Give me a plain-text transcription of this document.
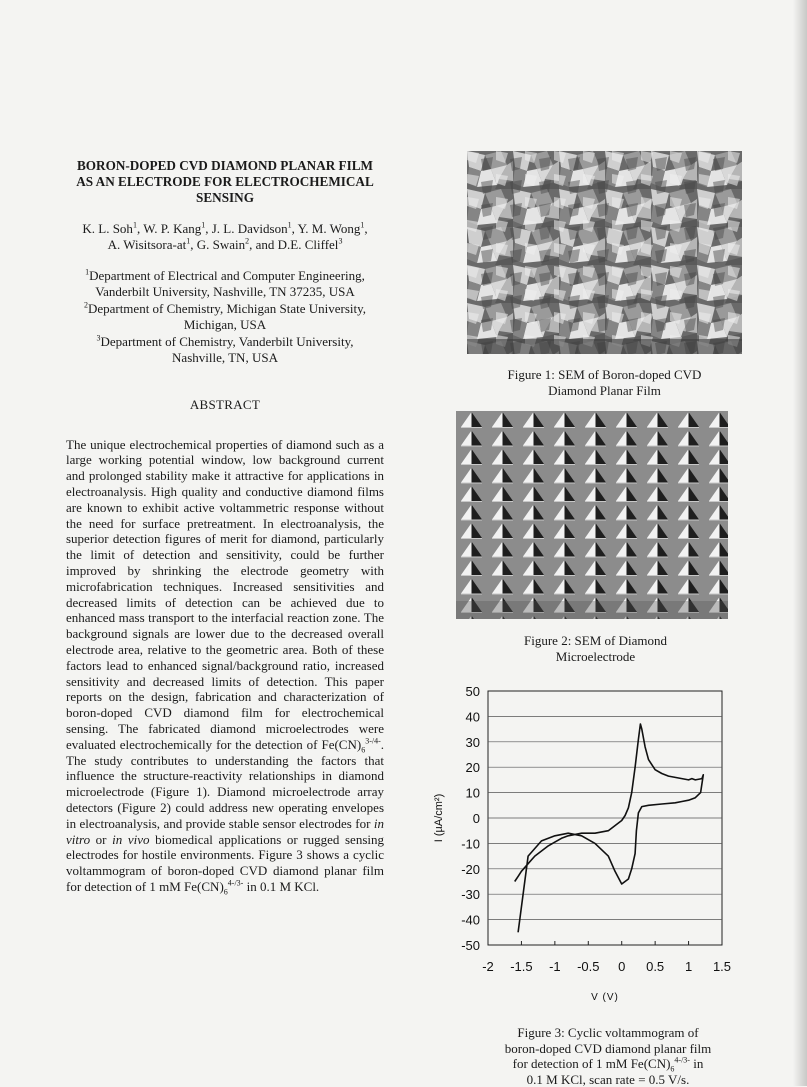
BORON-DOPED CVD DIAMOND PLANAR FILM
AS AN ELECTRODE FOR ELECTROCHEMICAL
SENSING
K. L. Soh$^1$, W. P. Kang$^1$, J. L. Davidson$^1$, Y. M. Wong$^1$,
A. Wisitsora-$at^1$, G. Swain$^2$, and D.E. Cliffel$^3$
$^1$Department of Electrical and Computer Engineering,
Vanderbilt University, Nashville, TN 37235, USA
$^2$Department of Chemistry, Michigan State University,
Michigan, USA
$^3$Department of Chemistry, Vanderbilt University,
Nashville, TN, USA
ABSTRACT
The unique electrochemical properties of diamond such as a large working potential window, low background current and prolonged stability make it attractive for applications in electroanalysis. High quality and conductive diamond films are known to exhibit active voltammetric response without the need for surface pretreatment. In electroanalysis, the superior detection figures of merit for diamond, particularly the limit of detection and sensitivity, could be further improved by shrinking the electrode geometry with microfabrication techniques. Increased sensitivities and decreased limits of detection can be achieved due to enhanced mass transport to the interfacial reaction zone. The background signals are lower due to the decreased overall electrode area, relative to the geometric area. Both of these factors lead to enhanced signal/background ratio, increased sensitivity and decreased limits of detection. This paper reports on the design, fabrication and characterization of boron-doped CVD diamond film for electrochemical sensing. The fabricated diamond microelectrodes were evaluated electrochemically for the detection of $Fe(CN)_6^{3-/4-}$. The study contributes to understanding the factors that influence the structure-reactivity relationships in diamond microelectrode (Figure 1). Diamond microelectrode array detectors (Figure 2) could address new operating envelopes in electroanalysis, and provide stable sensor electrodes for in vitro or in vivo biomedical applications or rugged sensing electrodes for hostile environments. Figure 3 shows a cyclic voltammogram of boron-doped CVD diamond planar film for detection of 1 mM $Fe(CN)_6^{4-/3-}$ in 0.1 M KCl.
Figure 1: SEM of Boron-doped CVD
Diamond Planar Film
Figure 2: SEM of Diamond
Microelectrode
50
40
30
20
10
0
-10
-20
-30
-40
-50
-2 -1.5 -1 -0.5 0 0.5 1 1.5
V (V)
I (µA/cm²)
Figure 3: Cyclic voltammogram of
boron-doped CVD diamond planar film
for detection of 1 mM $Fe(CN)_6^{4-/3-}$ in
0.1 M KCl, scan rate = 0.5 V/s.
